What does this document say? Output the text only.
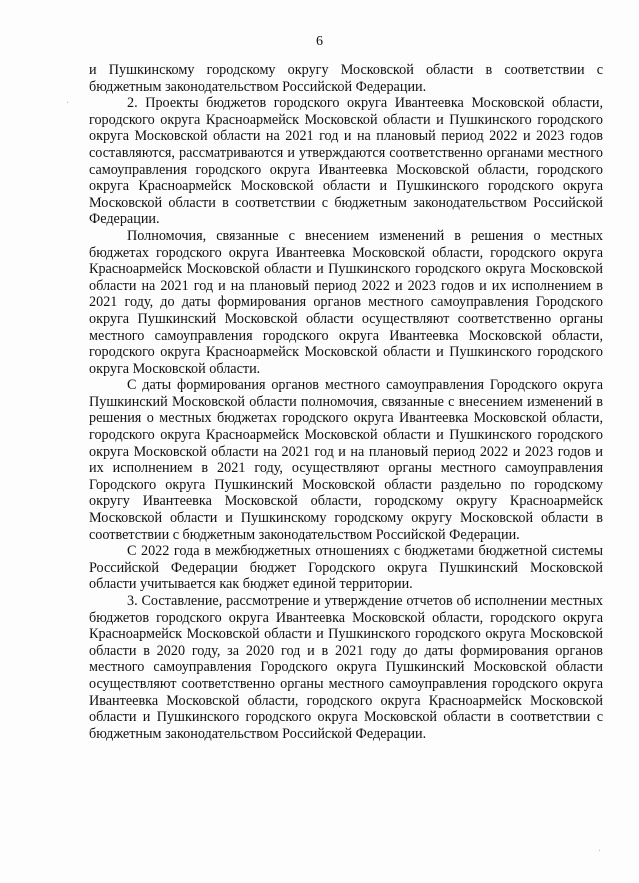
6

и Пушкинскому городскому округу Московской области в соответствии с бюджетным законодательством Российской Федерации.

2. Проекты бюджетов городского округа Ивантеевка Московской области, городского округа Красноармейск Московской области и Пушкинского городского округа Московской области на 2021 год и на плановый период 2022 и 2023 годов составляются, рассматриваются и утверждаются соответственно органами местного самоуправления городского округа Ивантеевка Московской области, городского округа Красноармейск Московской области и Пушкинского городского округа Московской области в соответствии с бюджетным законодательством Российской Федерации.

Полномочия, связанные с внесением изменений в решения о местных бюджетах городского округа Ивантеевка Московской области, городского округа Красноармейск Московской области и Пушкинского городского округа Московской области на 2021 год и на плановый период 2022 и 2023 годов и их исполнением в 2021 году, до даты формирования органов местного самоуправления Городского округа Пушкинский Московской области осуществляют соответственно органы местного самоуправления городского округа Ивантеевка Московской области, городского округа Красноармейск Московской области и Пушкинского городского округа Московской области.

С даты формирования органов местного самоуправления Городского округа Пушкинский Московской области полномочия, связанные с внесением изменений в решения о местных бюджетах городского округа Ивантеевка Московской области, городского округа Красноармейск Московской области и Пушкинского городского округа Московской области на 2021 год и на плановый период 2022 и 2023 годов и их исполнением в 2021 году, осуществляют органы местного самоуправления Городского округа Пушкинский Московской области раздельно по городскому округу Ивантеевка Московской области, городскому округу Красноармейск Московской области и Пушкинскому городскому округу Московской области в соответствии с бюджетным законодательством Российской Федерации.

С 2022 года в межбюджетных отношениях с бюджетами бюджетной системы Российской Федерации бюджет Городского округа Пушкинский Московской области учитывается как бюджет единой территории.

3. Составление, рассмотрение и утверждение отчетов об исполнении местных бюджетов городского округа Ивантеевка Московской области, городского округа Красноармейск Московской области и Пушкинского городского округа Московской области в 2020 году, за 2020 год и в 2021 году до даты формирования органов местного самоуправления Городского округа Пушкинский Московской области осуществляют соответственно органы местного самоуправления городского округа Ивантеевка Московской области, городского округа Красноармейск Московской области и Пушкинского городского округа Московской области в соответствии с бюджетным законодательством Российской Федерации.

·
·
